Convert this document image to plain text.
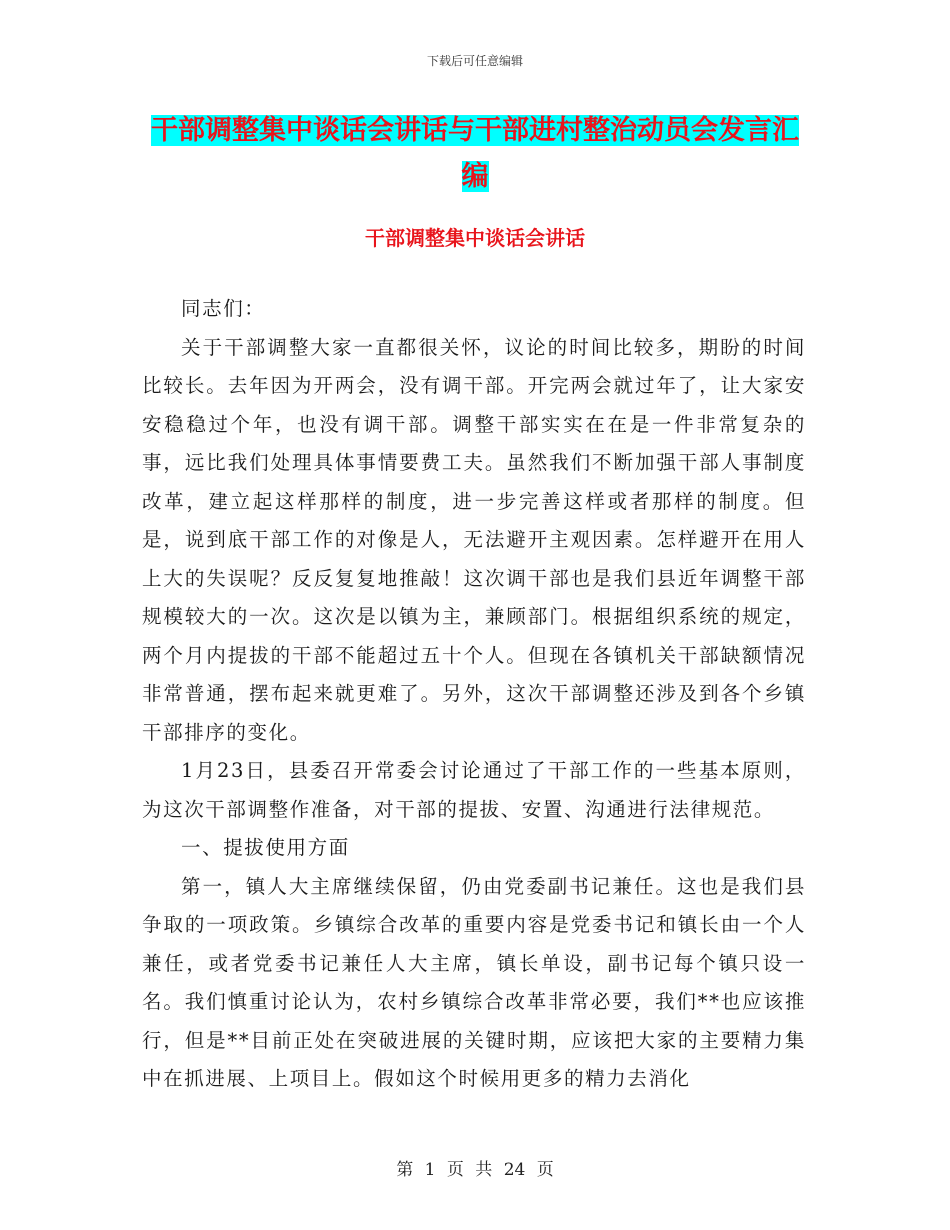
下载后可任意编辑
干部调整集中谈话会讲话与干部进村整治动员会发言汇编
干部调整集中谈话会讲话

同志们：

关于干部调整大家一直都很关怀，议论的时间比较多，期盼的时间比较长。去年因为开两会，没有调干部。开完两会就过年了，让大家安安稳稳过个年，也没有调干部。调整干部实实在在是一件非常复杂的事，远比我们处理具体事情要费工夫。虽然我们不断加强干部人事制度改革，建立起这样那样的制度，进一步完善这样或者那样的制度。但是，说到底干部工作的对像是人，无法避开主观因素。怎样避开在用人上大的失误呢？反反复复地推敲！这次调干部也是我们县近年调整干部规模较大的一次。这次是以镇为主，兼顾部门。根据组织系统的规定，两个月内提拔的干部不能超过五十个人。但现在各镇机关干部缺额情况非常普通，摆布起来就更难了。另外，这次干部调整还涉及到各个乡镇干部排序的变化。

1月23日，县委召开常委会讨论通过了干部工作的一些基本原则，为这次干部调整作准备，对干部的提拔、安置、沟通进行法律规范。

一、提拔使用方面

第一，镇人大主席继续保留，仍由党委副书记兼任。这也是我们县争取的一项政策。乡镇综合改革的重要内容是党委书记和镇长由一个人兼任，或者党委书记兼任人大主席，镇长单设，副书记每个镇只设一名。我们慎重讨论认为，农村乡镇综合改革非常必要，我们**也应该推行，但是**目前正处在突破进展的关键时期，应该把大家的主要精力集中在抓进展、上项目上。假如这个时候用更多的精力去消化

第 1 页 共 24 页
